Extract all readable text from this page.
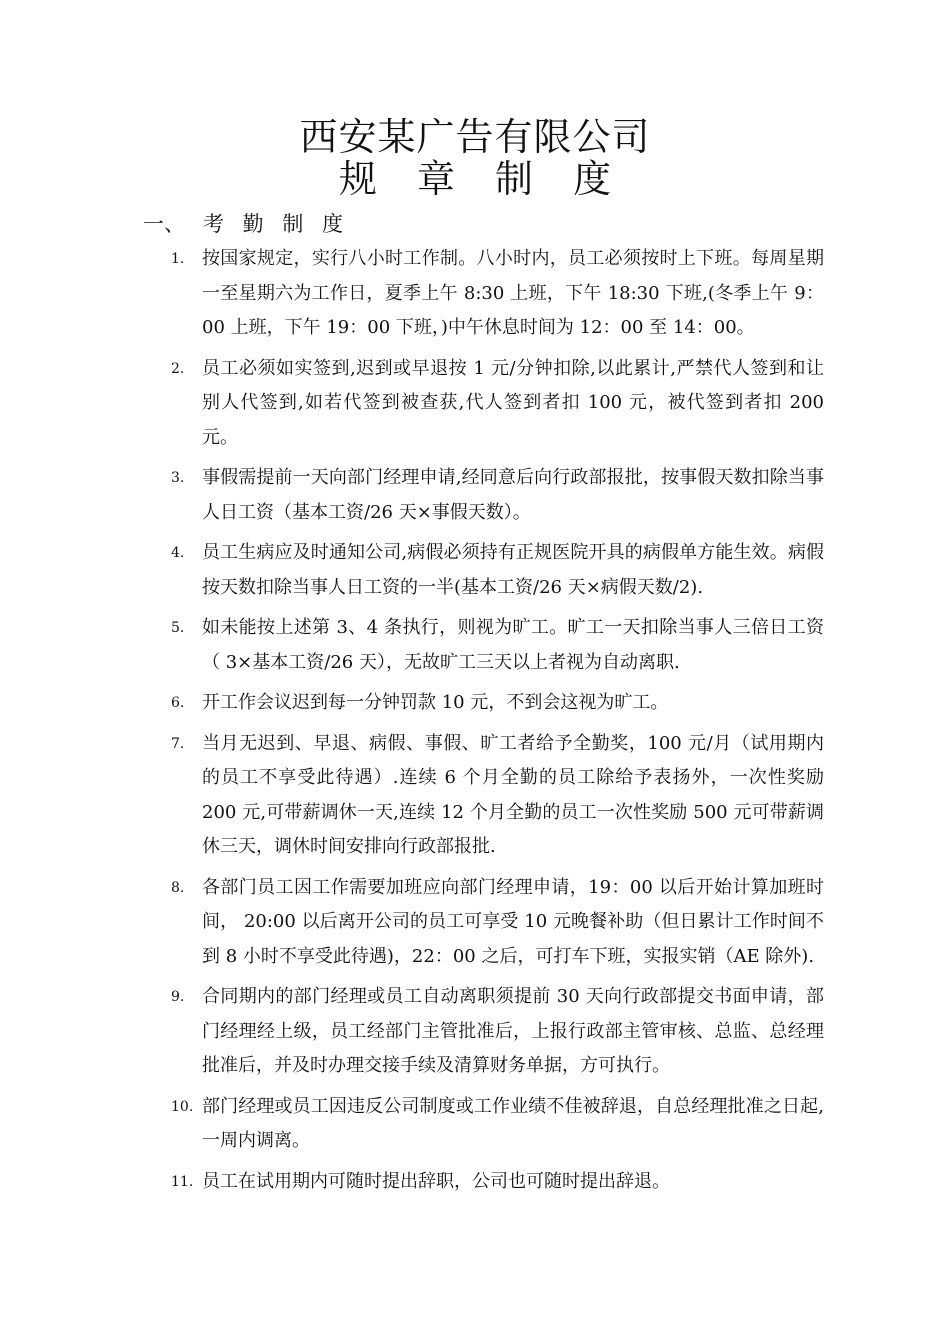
西安某广告有限公司
规 章 制 度
一、 考 勤 制 度
1. 按国家规定，实行八小时工作制。八小时内，员工必须按时上下班。每周星期一至星期六为工作日，夏季上午 8:30 上班，下午 18:30 下班,(冬季上午 9：00 上班，下午 19：00 下班，)中午休息时间为 12：00 至 14：00。
2. 员工必须如实签到,迟到或早退按 1 元/分钟扣除,以此累计,严禁代人签到和让别人代签到,如若代签到被查获,代人签到者扣 100 元，被代签到者扣 200 元。
3. 事假需提前一天向部门经理申请,经同意后向行政部报批，按事假天数扣除当事人日工资（基本工资/26 天×事假天数）。
4. 员工生病应及时通知公司,病假必须持有正规医院开具的病假单方能生效。病假按天数扣除当事人日工资的一半(基本工资/26 天×病假天数/2).
5. 如未能按上述第 3、4 条执行，则视为旷工。旷工一天扣除当事人三倍日工资（ 3×基本工资/26 天），无故旷工三天以上者视为自动离职.
6. 开工作会议迟到每一分钟罚款 10 元，不到会这视为旷工。
7. 当月无迟到、早退、病假、事假、旷工者给予全勤奖，100 元/月（试用期内的员工不享受此待遇）.连续 6 个月全勤的员工除给予表扬外，一次性奖励 200 元,可带薪调休一天,连续 12 个月全勤的员工一次性奖励 500 元可带薪调休三天，调休时间安排向行政部报批.
8. 各部门员工因工作需要加班应向部门经理申请，19：00 以后开始计算加班时间， 20:00 以后离开公司的员工可享受 10 元晚餐补助（但日累计工作时间不到 8 小时不享受此待遇)，22：00 之后，可打车下班，实报实销（AE 除外).
9. 合同期内的部门经理或员工自动离职须提前 30 天向行政部提交书面申请，部门经理经上级，员工经部门主管批准后，上报行政部主管审核、总监、总经理批准后，并及时办理交接手续及清算财务单据，方可执行。
10. 部门经理或员工因违反公司制度或工作业绩不佳被辞退，自总经理批准之日起,一周内调离。
11. 员工在试用期内可随时提出辞职，公司也可随时提出辞退。
